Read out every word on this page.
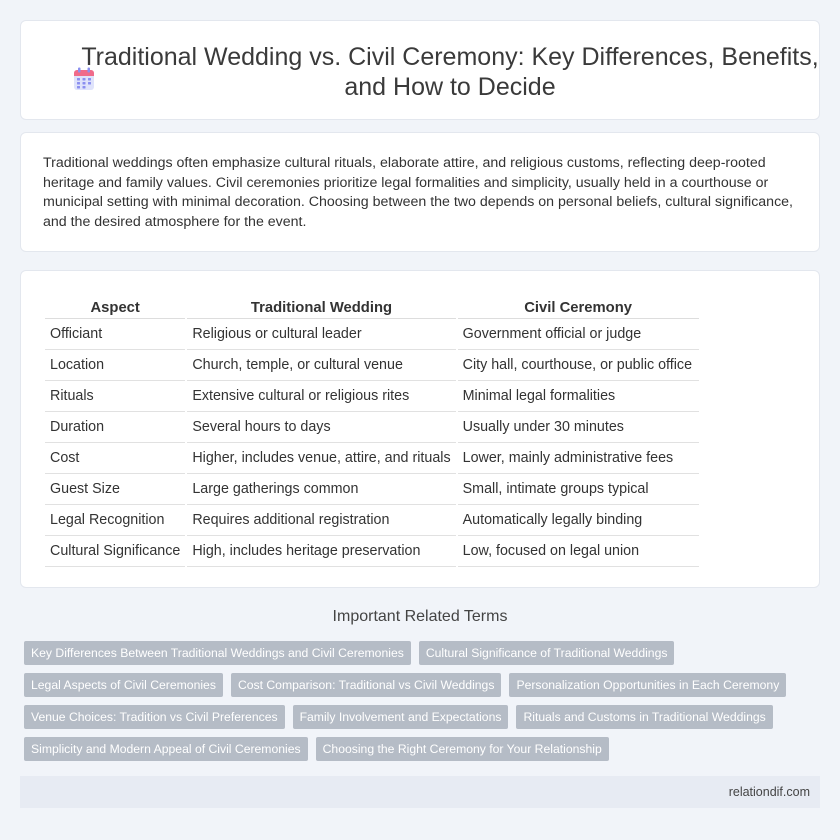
Traditional Wedding vs. Civil Ceremony: Key Differences, Benefits, and How to Decide

Traditional weddings often emphasize cultural rituals, elaborate attire, and religious customs, reflecting deep-rooted heritage and family values. Civil ceremonies prioritize legal formalities and simplicity, usually held in a courthouse or municipal setting with minimal decoration. Choosing between the two depends on personal beliefs, cultural significance, and the desired atmosphere for the event.

Aspect	Traditional Wedding	Civil Ceremony
Officiant	Religious or cultural leader	Government official or judge
Location	Church, temple, or cultural venue	City hall, courthouse, or public office
Rituals	Extensive cultural or religious rites	Minimal legal formalities
Duration	Several hours to days	Usually under 30 minutes
Cost	Higher, includes venue, attire, and rituals	Lower, mainly administrative fees
Guest Size	Large gatherings common	Small, intimate groups typical
Legal Recognition	Requires additional registration	Automatically legally binding
Cultural Significance	High, includes heritage preservation	Low, focused on legal union
Important Related Terms
Key Differences Between Traditional Weddings and Civil Ceremonies	Cultural Significance of Traditional Weddings
Legal Aspects of Civil Ceremonies	Cost Comparison: Traditional vs Civil Weddings	Personalization Opportunities in Each Ceremony
Venue Choices: Tradition vs Civil Preferences	Family Involvement and Expectations	Rituals and Customs in Traditional Weddings
Simplicity and Modern Appeal of Civil Ceremonies	Choosing the Right Ceremony for Your Relationship
relationdif.com
